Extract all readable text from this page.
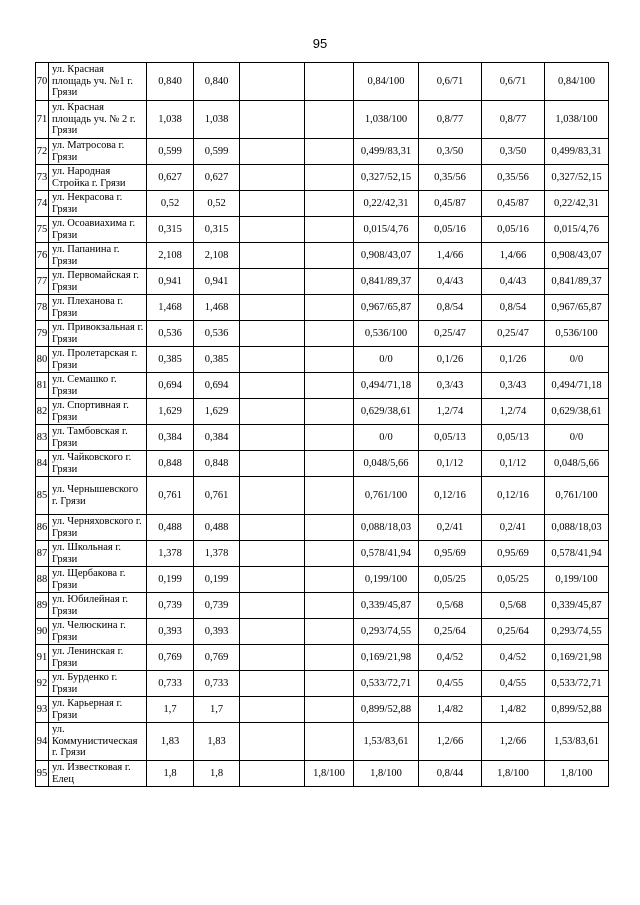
95
70	ул. Красная площадь уч. №1 г. Грязи	0,840	0,840			0,84/100	0,6/71	0,6/71	0,84/100
71	ул. Красная площадь уч. № 2 г. Грязи	1,038	1,038			1,038/100	0,8/77	0,8/77	1,038/100
72	ул. Матросова г. Грязи	0,599	0,599			0,499/83,31	0,3/50	0,3/50	0,499/83,31
73	ул. Народная Стройка г. Грязи	0,627	0,627			0,327/52,15	0,35/56	0,35/56	0,327/52,15
74	ул. Некрасова г. Грязи	0,52	0,52			0,22/42,31	0,45/87	0,45/87	0,22/42,31
75	ул. Осоавиахима г. Грязи	0,315	0,315			0,015/4,76	0,05/16	0,05/16	0,015/4,76
76	ул. Папанина г. Грязи	2,108	2,108			0,908/43,07	1,4/66	1,4/66	0,908/43,07
77	ул. Первомайская г. Грязи	0,941	0,941			0,841/89,37	0,4/43	0,4/43	0,841/89,37
78	ул. Плеханова г. Грязи	1,468	1,468			0,967/65,87	0,8/54	0,8/54	0,967/65,87
79	ул. Привокзальная г. Грязи	0,536	0,536			0,536/100	0,25/47	0,25/47	0,536/100
80	ул. Пролетарская г. Грязи	0,385	0,385			0/0	0,1/26	0,1/26	0/0
81	ул. Семашко г. Грязи	0,694	0,694			0,494/71,18	0,3/43	0,3/43	0,494/71,18
82	ул. Спортивная г. Грязи	1,629	1,629			0,629/38,61	1,2/74	1,2/74	0,629/38,61
83	ул. Тамбовская г. Грязи	0,384	0,384			0/0	0,05/13	0,05/13	0/0
84	ул. Чайковского г. Грязи	0,848	0,848			0,048/5,66	0,1/12	0,1/12	0,048/5,66
85	ул. Чернышевского г. Грязи	0,761	0,761			0,761/100	0,12/16	0,12/16	0,761/100
86	ул. Черняховского г. Грязи	0,488	0,488			0,088/18,03	0,2/41	0,2/41	0,088/18,03
87	ул. Школьная г. Грязи	1,378	1,378			0,578/41,94	0,95/69	0,95/69	0,578/41,94
88	ул. Щербакова г. Грязи	0,199	0,199			0,199/100	0,05/25	0,05/25	0,199/100
89	ул. Юбилейная г. Грязи	0,739	0,739			0,339/45,87	0,5/68	0,5/68	0,339/45,87
90	ул. Челюскина г. Грязи	0,393	0,393			0,293/74,55	0,25/64	0,25/64	0,293/74,55
91	ул. Ленинская г. Грязи	0,769	0,769			0,169/21,98	0,4/52	0,4/52	0,169/21,98
92	ул. Бурденко г. Грязи	0,733	0,733			0,533/72,71	0,4/55	0,4/55	0,533/72,71
93	ул. Карьерная г. Грязи	1,7	1,7			0,899/52,88	1,4/82	1,4/82	0,899/52,88
94	ул. Коммунистическая г. Грязи	1,83	1,83			1,53/83,61	1,2/66	1,2/66	1,53/83,61
95	ул. Известковая г. Елец	1,8	1,8		1,8/100	1,8/100	0,8/44	1,8/100	1,8/100
